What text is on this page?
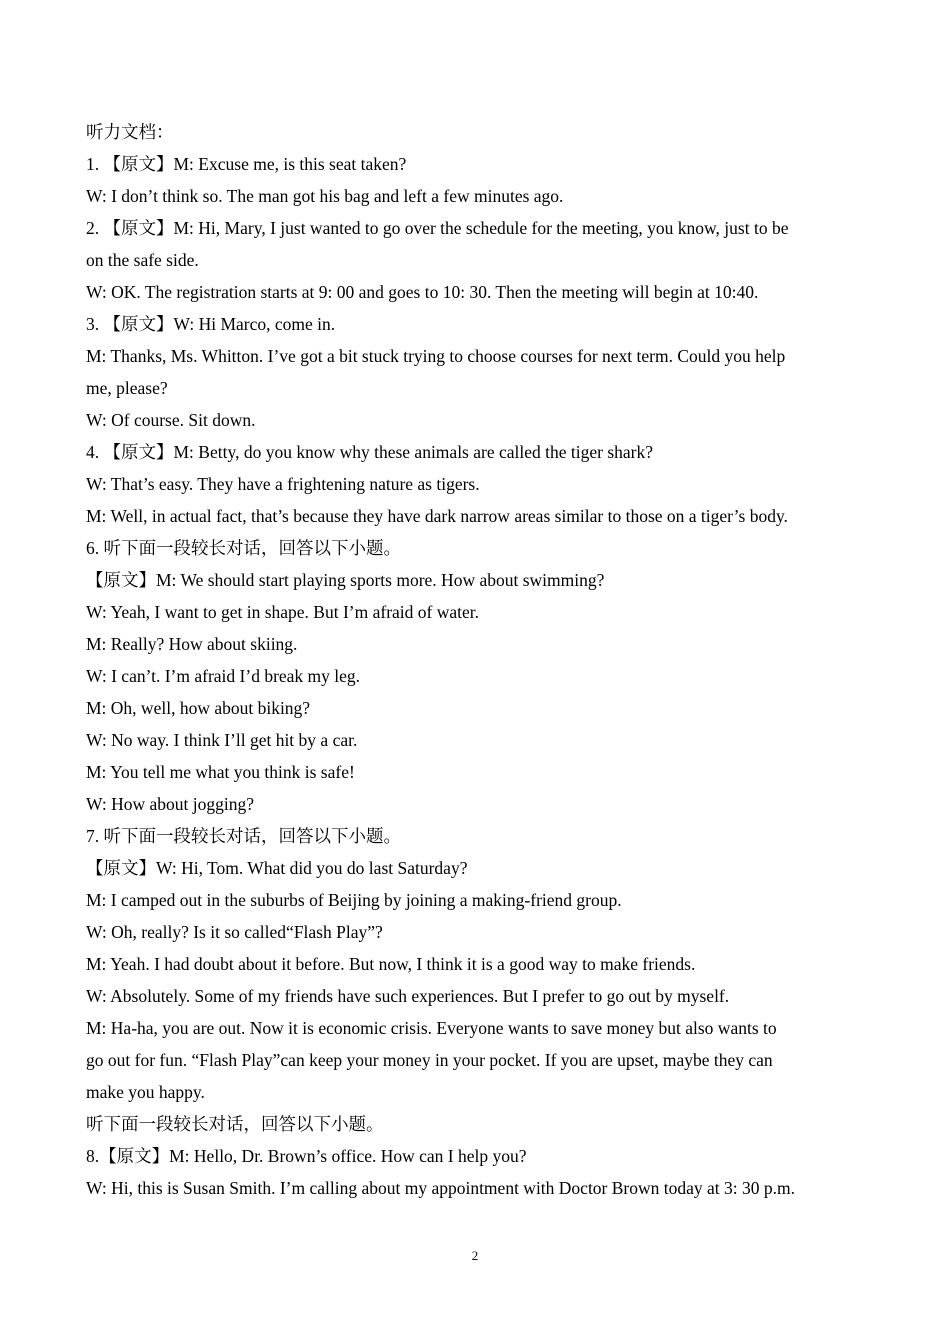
听力文档：
1. 【原文】M: Excuse me, is this seat taken?
W: I don’t think so. The man got his bag and left a few minutes ago.
2. 【原文】M: Hi, Mary, I just wanted to go over the schedule for the meeting, you know, just to be
on the safe side.
W: OK. The registration starts at 9: 00 and goes to 10: 30. Then the meeting will begin at 10:40.
3. 【原文】W: Hi Marco, come in.
M: Thanks, Ms. Whitton. I’ve got a bit stuck trying to choose courses for next term. Could you help
me, please?
W: Of course. Sit down.
4. 【原文】M: Betty, do you know why these animals are called the tiger shark?
W: That’s easy. They have a frightening nature as tigers.
M: Well, in actual fact, that’s because they have dark narrow areas similar to those on a tiger’s body.
6. 听下面一段较长对话，回答以下小题。
【原文】M: We should start playing sports more. How about swimming?
W: Yeah, I want to get in shape. But I’m afraid of water.
M: Really? How about skiing.
W: I can’t. I’m afraid I’d break my leg.
M: Oh, well, how about biking?
W: No way. I think I’ll get hit by a car.
M: You tell me what you think is safe!
W: How about jogging?
7. 听下面一段较长对话，回答以下小题。
【原文】W: Hi, Tom. What did you do last Saturday?
M: I camped out in the suburbs of Beijing by joining a making-friend group.
W: Oh, really? Is it so called“Flash Play”?
M: Yeah. I had doubt about it before. But now, I think it is a good way to make friends.
W: Absolutely. Some of my friends have such experiences. But I prefer to go out by myself.
M: Ha-ha, you are out. Now it is economic crisis. Everyone wants to save money but also wants to
go out for fun. “Flash Play”can keep your money in your pocket. If you are upset, maybe they can
make you happy.
听下面一段较长对话，回答以下小题。
8.【原文】M: Hello, Dr. Brown’s office. How can I help you?
W: Hi, this is Susan Smith. I’m calling about my appointment with Doctor Brown today at 3: 30 p.m.
2
